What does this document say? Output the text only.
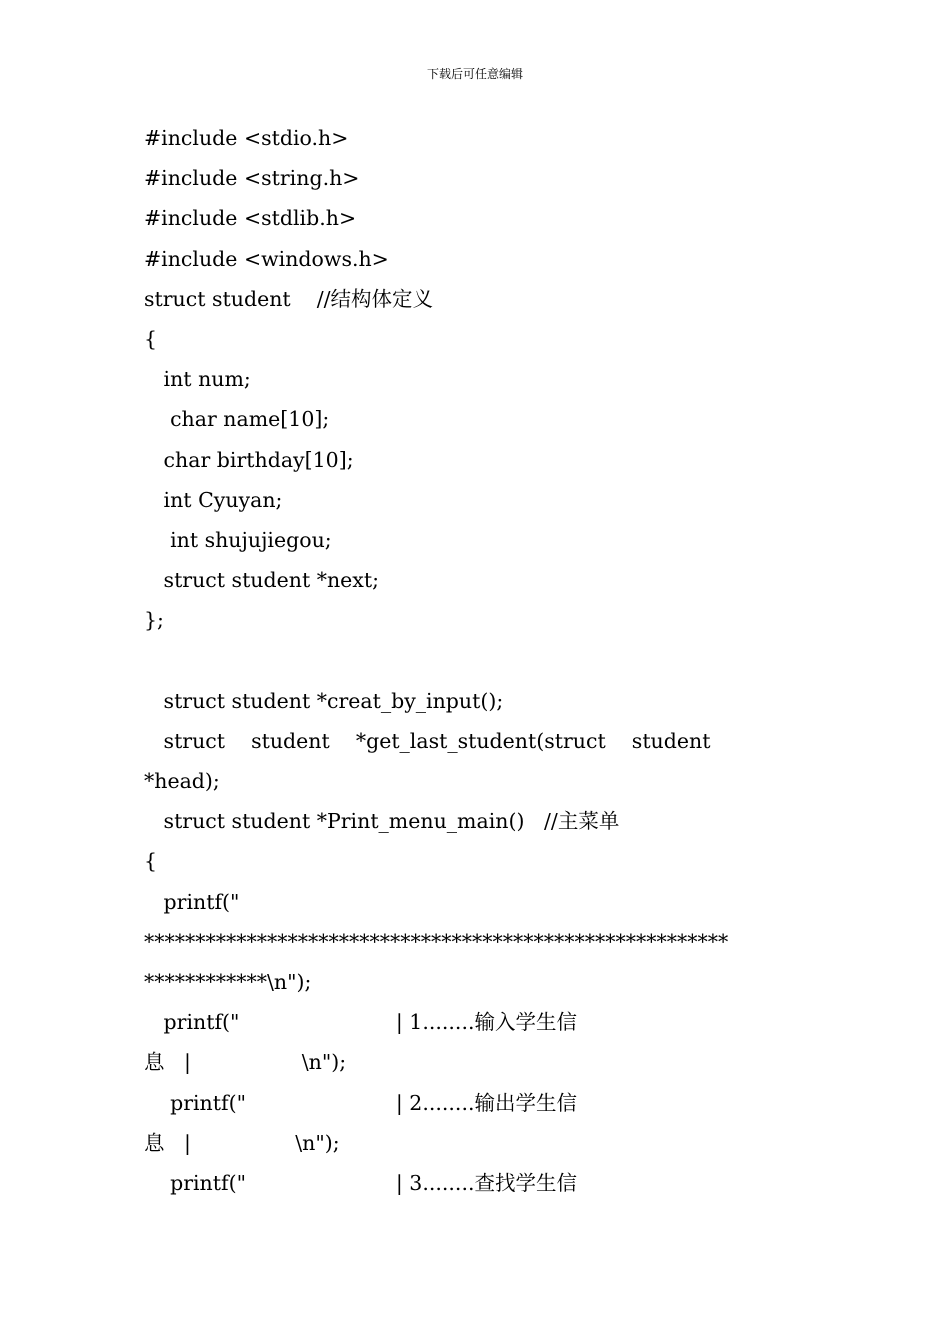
下载后可任意编辑
#include <stdio.h>
#include <string.h>
#include <stdlib.h>
#include <windows.h>
struct student    //结构体定义
{
int num;
char name[10];
char birthday[10];
int Cyuyan;
int shujujiegou;
struct student *next;
};
struct student *creat_by_input();
struct    student    *get_last_student(struct    student
*head);
struct student *Print_menu_main()   //主菜单
{
printf("
*********************************************************
************\n");
printf("                        | 1........输入学生信
息   |                 \n");
printf("                       | 2........输出学生信
息   |                \n");
printf("                       | 3........查找学生信
